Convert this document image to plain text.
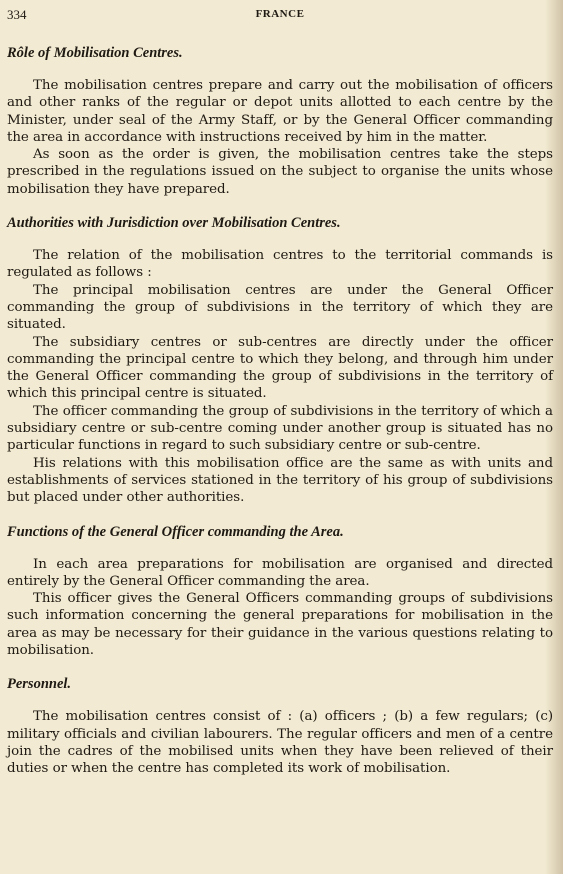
334	FRANCE
Rôle of Mobilisation Centres.

The mobilisation centres prepare and carry out the mobilisation of officers and other ranks of the regular or depot units allotted to each centre by the Minister, under seal of the Army Staff, or by the General Officer commanding the area in accordance with instructions received by him in the matter.

As soon as the order is given, the mobilisation centres take the steps prescribed in the regulations issued on the subject to organise the units whose mobilisation they have prepared.

Authorities with Jurisdiction over Mobilisation Centres.

The relation of the mobilisation centres to the territorial commands is regulated as follows :

The principal mobilisation centres are under the General Officer commanding the group of subdivisions in the territory of which they are situated.

The subsidiary centres or sub-centres are directly under the officer commanding the principal centre to which they belong, and through him under the General Officer commanding the group of subdivisions in the territory of which this principal centre is situated.

The officer commanding the group of subdivisions in the territory of which a subsidiary centre or sub-centre coming under another group is situated has no particular functions in regard to such subsidiary centre or sub-centre.

His relations with this mobilisation office are the same as with units and establishments of services stationed in the territory of his group of subdivisions but placed under other authorities.

Functions of the General Officer commanding the Area.

In each area preparations for mobilisation are organised and directed entirely by the General Officer commanding the area.

This officer gives the General Officers commanding groups of subdivisions such information concerning the general preparations for mobilisation in the area as may be necessary for their guidance in the various questions relating to mobilisation.

Personnel.

The mobilisation centres consist of : (a) officers ; (b) a few regulars; (c) military officials and civilian labourers. The regular officers and men of a centre join the cadres of the mobilised units when they have been relieved of their duties or when the centre has completed its work of mobilisation.
